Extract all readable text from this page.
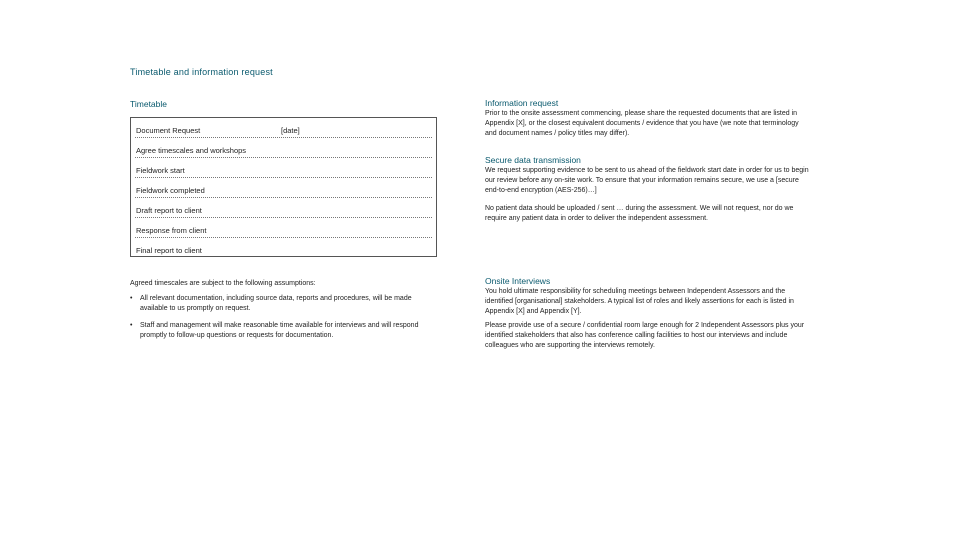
Timetable and information request
Timetable
Document Request	[date]
Agree timescales and workshops
Fieldwork start
Fieldwork completed
Draft report to client
Response from client
Final report to client
Agreed timescales are subject to the following assumptions:
• All relevant documentation, including source data, reports and procedures, will be made available to us promptly on request.
• Staff and management will make reasonable time available for interviews and will respond promptly to follow-up questions or requests for documentation.
Information request

Prior to the onsite assessment commencing, please share the requested documents that are listed in Appendix [X], or the closest equivalent documents / evidence that you have (we note that terminology and document names / policy titles may differ).

Secure data transmission

We request supporting evidence to be sent to us ahead of the fieldwork start date in order for us to begin our review before any on-site work. To ensure that your information remains secure, we use a [secure end-to-end encryption (AES-256)…]

No patient data should be uploaded / sent … during the assessment. We will not request, nor do we require any patient data in order to deliver the independent assessment.

Onsite Interviews

You hold ultimate responsibility for scheduling meetings between Independent Assessors and the identified [organisational] stakeholders. A typical list of roles and likely assertions for each is listed in Appendix [X] and Appendix [Y].

Please provide use of a secure / confidential room large enough for 2 Independent Assessors plus your identified stakeholders that also has conference calling facilities to host our interviews and include colleagues who are supporting the interviews remotely.
